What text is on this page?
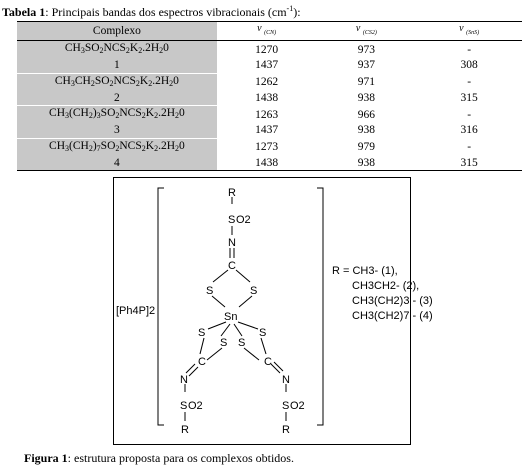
Tabela 1: Principais bandas dos espectros vibracionais $(cm^{-1})$:
Complexo	ν $_{(CN)}$	ν $_{(CS2)}$	ν $_{(SnS)}$
$CH_3SO_2NCS_2K_2.2H_20$	1270	973	-
1	1437	937	308
$CH_3CH_2SO_2NCS_2K_2.2H_20$	1262	971	-
2	1438	938	315
$CH_3(CH_2)_3SO_2NCS_2K_2.2H_20$	1263	966	-
3	1437	938	316
$CH_3(CH_2)_7SO_2NCS_2K_2.2H_20$	1273	979	-
4	1438	938	315
R
S O2
N
C
S	S
Sn
S
S S
S
C	C
N	N
S O2	S O2
R	R
[Ph4P]2
R = CH3- (1),
CH3CH2- (2),
CH3(CH2)3 - (3)
CH3(CH2)7 - (4)
Figura 1: estrutura proposta para os complexos obtidos.
